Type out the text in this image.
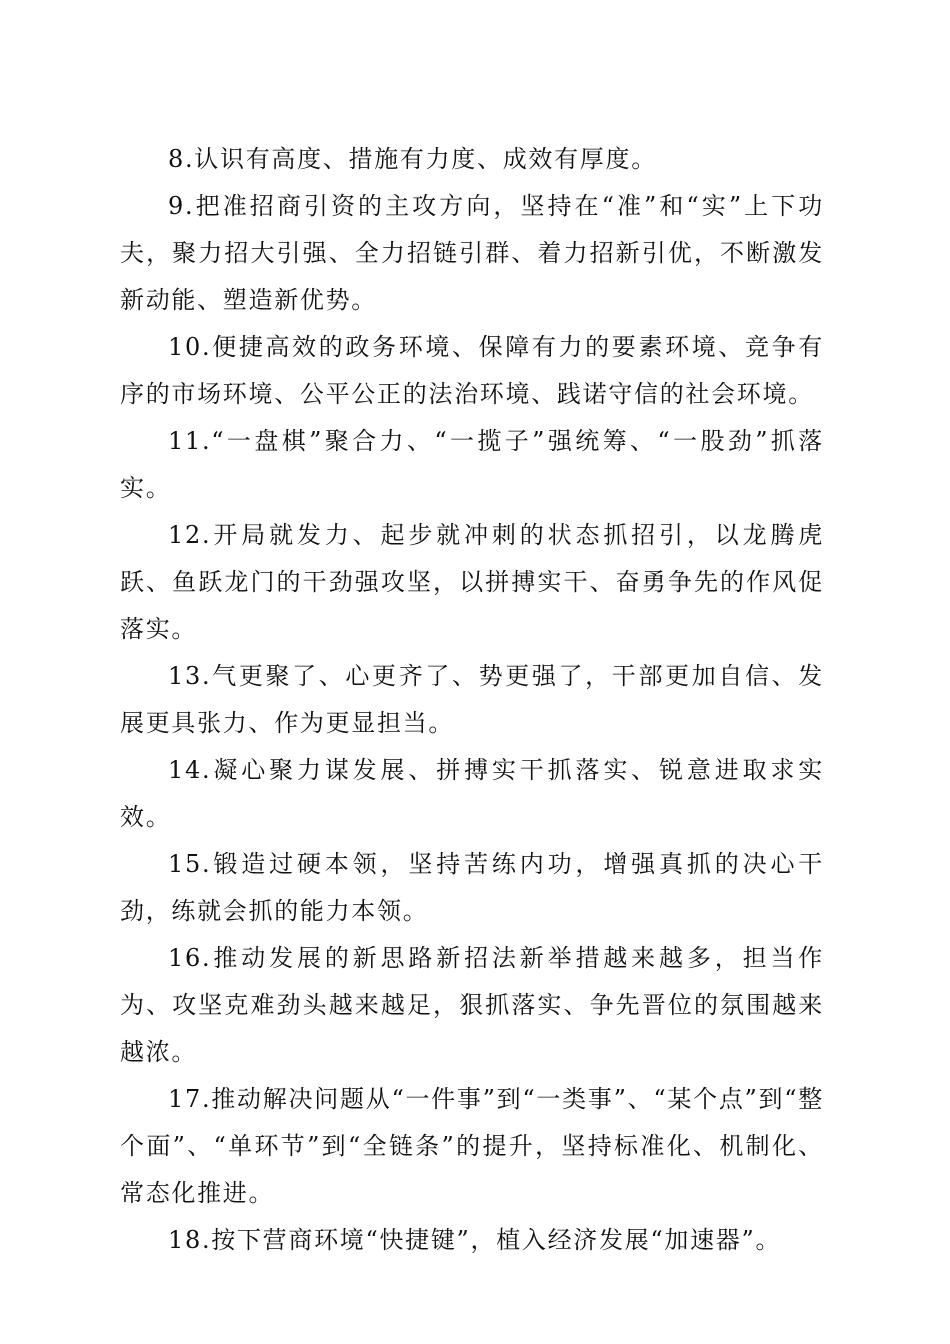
8.认识有高度、措施有力度、成效有厚度。

9.把准招商引资的主攻方向，坚持在“准”和“实”上下功夫，聚力招大引强、全力招链引群、着力招新引优，不断激发新动能、塑造新优势。

10.便捷高效的政务环境、保障有力的要素环境、竞争有序的市场环境、公平公正的法治环境、践诺守信的社会环境。

11.“一盘棋”聚合力、“一揽子”强统筹、“一股劲”抓落实。

12.开局就发力、起步就冲刺的状态抓招引，以龙腾虎跃、鱼跃龙门的干劲强攻坚，以拼搏实干、奋勇争先的作风促落实。

13.气更聚了、心更齐了、势更强了，干部更加自信、发展更具张力、作为更显担当。

14.凝心聚力谋发展、拼搏实干抓落实、锐意进取求实效。

15.锻造过硬本领，坚持苦练内功，增强真抓的决心干劲，练就会抓的能力本领。

16.推动发展的新思路新招法新举措越来越多，担当作为、攻坚克难劲头越来越足，狠抓落实、争先晋位的氛围越来越浓。

17.推动解决问题从“一件事”到“一类事”、“某个点”到“整个面”、“单环节”到“全链条”的提升，坚持标准化、机制化、常态化推进。

18.按下营商环境“快捷键”，植入经济发展“加速器”。
